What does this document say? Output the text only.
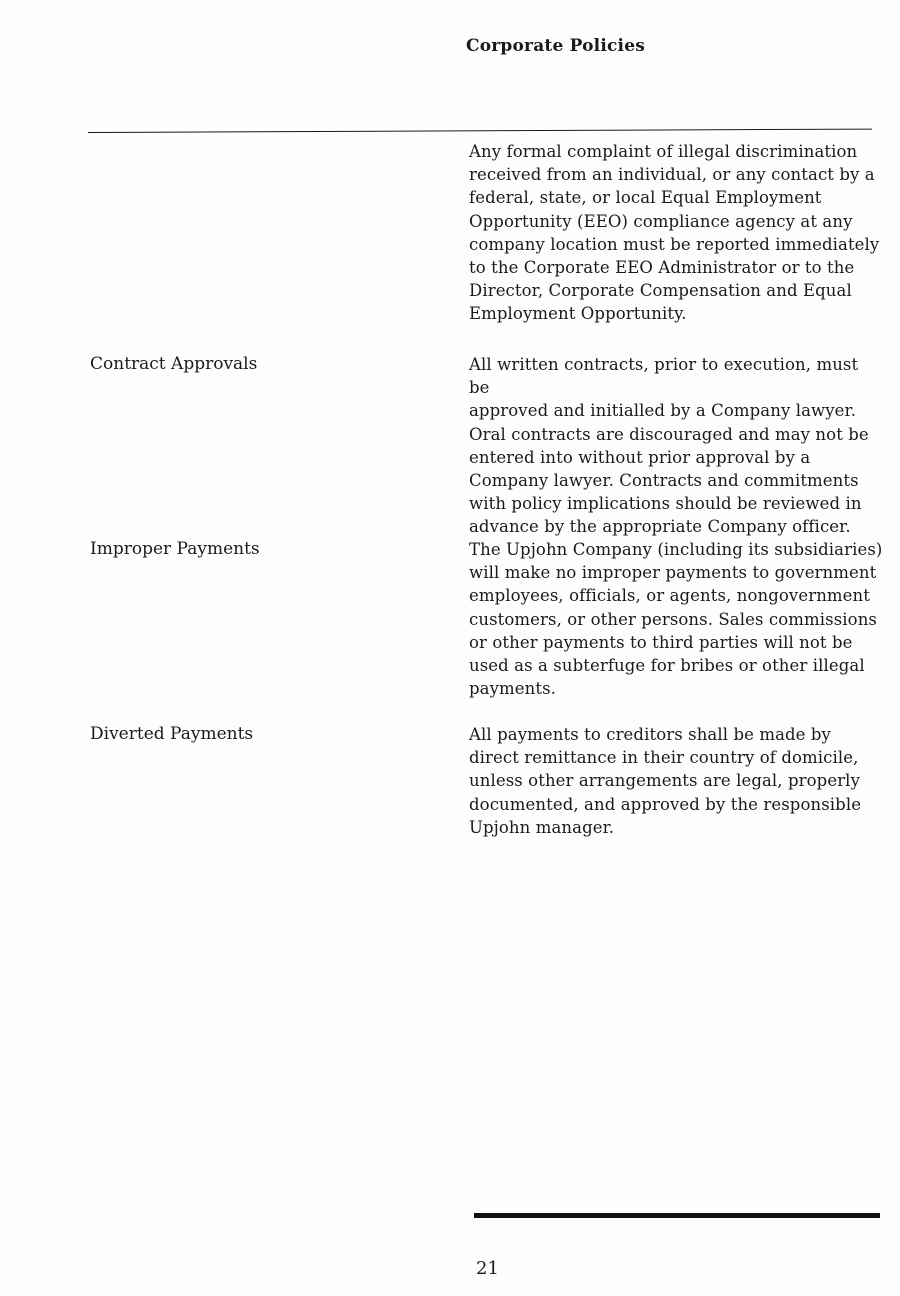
Corporate Policies
Any formal complaint of illegal discrimination
received from an individual, or any contact by a
federal, state, or local Equal Employment
Opportunity (EEO) compliance agency at any
company location must be reported immediately
to the Corporate EEO Administrator or to the
Director, Corporate Compensation and Equal
Employment Opportunity.
Contract Approvals	All written contracts, prior to execution, must be
approved and initialled by a Company lawyer.
Oral contracts are discouraged and may not be
entered into without prior approval by a
Company lawyer. Contracts and commitments
with policy implications should be reviewed in
advance by the appropriate Company officer.
Improper Payments	The Upjohn Company (including its subsidiaries)
will make no improper payments to government
employees, officials, or agents, nongovernment
customers, or other persons. Sales commissions
or other payments to third parties will not be
used as a subterfuge for bribes or other illegal
payments.
Diverted Payments	All payments to creditors shall be made by
direct remittance in their country of domicile,
unless other arrangements are legal, properly
documented, and approved by the responsible
Upjohn manager.
21
